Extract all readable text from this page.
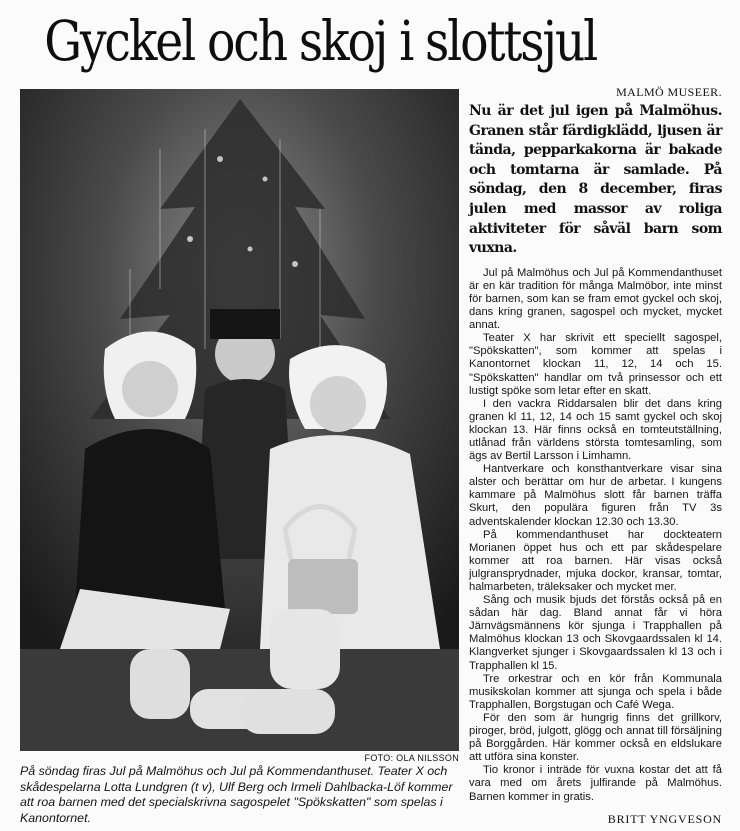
Gyckel och skoj i slottsjul
FOTO: OLA NILSSON

På söndag firas Jul på Malmöhus och Jul på Kommendanthuset. Teater X och skådespelarna Lotta Lundgren (t v), Ulf Berg och Irmeli Dahlbacka-Löf kommer att roa barnen med det specialskrivna sagospelet "Spökskatten" som spelas i Kanontornet.

MALMÖ MUSEER.
Nu är det jul igen på Malmöhus. Granen står färdigklädd, ljusen är tända, pepparkakorna är bakade och tomtarna är samlade. På söndag, den 8 december, firas julen med massor av roliga aktiviteter för såväl barn som vuxna.

Jul på Malmöhus och Jul på Kommendanthuset är en kär tradition för många Malmöbor, inte minst för barnen, som kan se fram emot gyckel och skoj, dans kring granen, sagospel och mycket, mycket annat.

Teater X har skrivit ett speciellt sagospel, "Spökskatten", som kommer att spelas i Kanontornet klockan 11, 12, 14 och 15. "Spökskatten" handlar om två prinsessor och ett lustigt spöke som letar efter en skatt.

I den vackra Riddarsalen blir det dans kring granen kl 11, 12, 14 och 15 samt gyckel och skoj klockan 13. Här finns också en tomteutställning, utlånad från världens största tomtesamling, som ägs av Bertil Larsson i Limhamn.

Hantverkare och konsthantverkare visar sina alster och berättar om hur de arbetar. I kungens kammare på Malmöhus slott får barnen träffa Skurt, den populära figuren från TV 3s adventskalender klockan 12.30 och 13.30.

På kommendanthuset har dockteatern Morianen öppet hus och ett par skådespelare kommer att roa barnen. Här visas också julgransprydnader, mjuka dockor, kransar, tomtar, halmarbeten, träleksaker och mycket mer.

Sång och musik bjuds det förstås också på en sådan här dag. Bland annat får vi höra Järnvägsmännens kör sjunga i Trapphallen på Malmöhus klockan 13 och Skovgaardssalen kl 14. Klangverket sjunger i Skovgaardssalen kl 13 och i Trapphallen kl 15.

Tre orkestrar och en kör från Kommunala musikskolan kommer att sjunga och spela i både Trapphallen, Borgstugan och Café Wega.

För den som är hungrig finns det grillkorv, piroger, bröd, julgott, glögg och annat till försäljning på Borggården. Här kommer också en eldslukare att utföra sina konster.

Tio kronor i inträde för vuxna kostar det att få vara med om årets julfirande på Malmöhus. Barnen kommer in gratis.

BRITT YNGVESON
